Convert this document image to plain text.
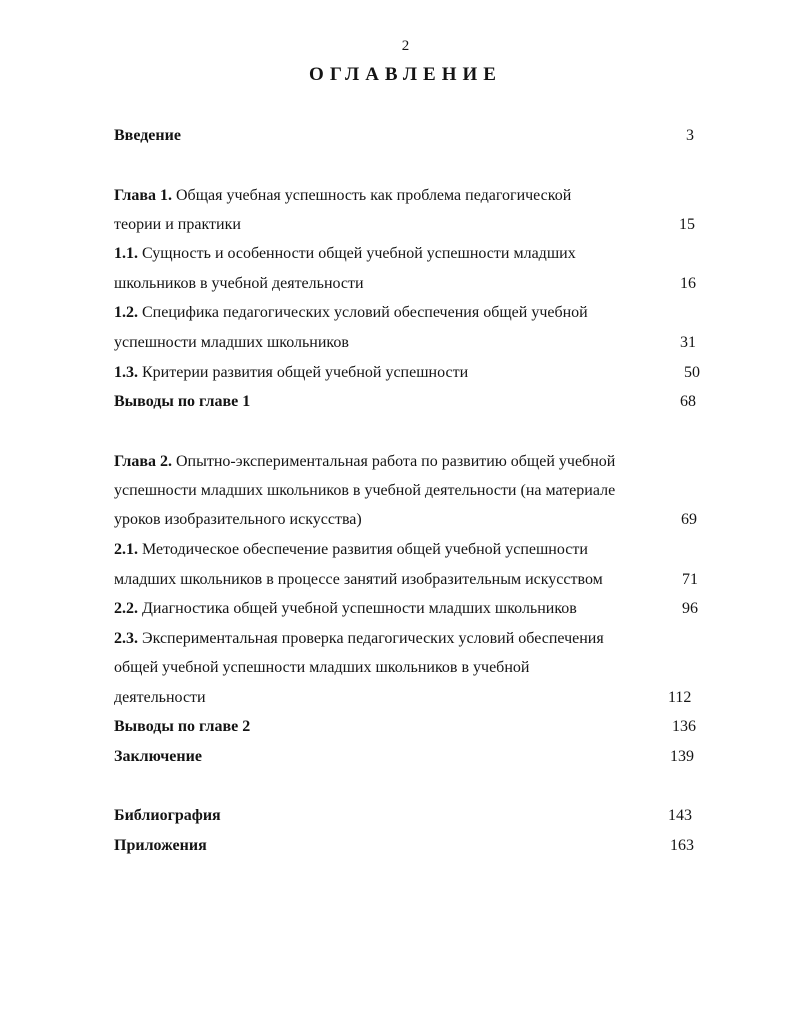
2
ОГЛАВЛЕНИЕ
Введение	3
Глава 1. Общая учебная успешность как проблема педагогической
теории и практики	15
1.1. Сущность и особенности общей учебной успешности младших
школьников в учебной деятельности	16
1.2. Специфика педагогических условий обеспечения общей учебной
успешности младших школьников	31
1.3. Критерии развития общей учебной успешности	50
Выводы по главе 1	68
Глава 2. Опытно-экспериментальная работа по развитию общей учебной
успешности младших школьников в учебной деятельности (на материале
уроков изобразительного искусства)	69
2.1. Методическое обеспечение развития общей учебной успешности
младших школьников в процессе занятий изобразительным искусством	71
2.2. Диагностика общей учебной успешности младших школьников	96
2.3. Экспериментальная проверка педагогических условий обеспечения
общей учебной успешности младших школьников в учебной
деятельности	112
Выводы по главе 2	136
Заключение	139
Библиография	143
Приложения	163
